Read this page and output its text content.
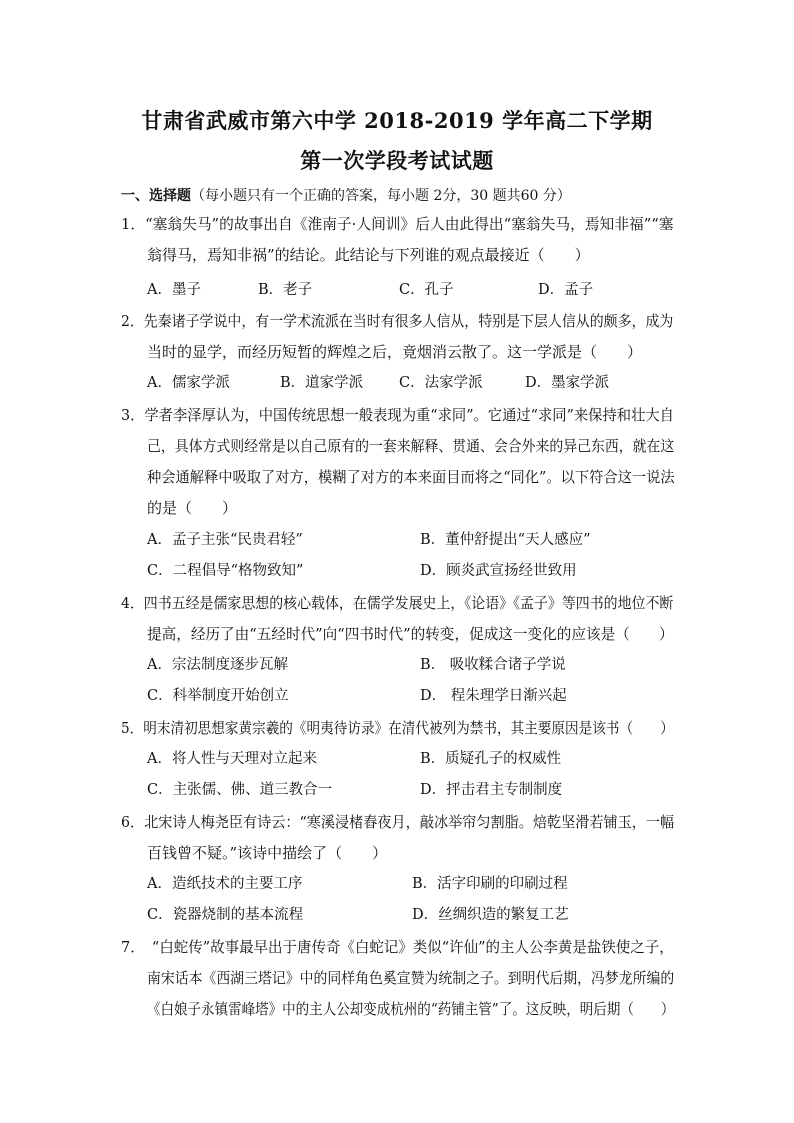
甘肃省武威市第六中学 2018-2019 学年高二下学期
第一次学段考试试题
一、选择题（每小题只有一个正确的答案，每小题 2分，30 题共60 分）
1．“塞翁失马”的故事出自《淮南子·人间训》后人由此得出“塞翁失马，焉知非福”“塞
翁得马，焉知非祸”的结论。此结论与下列谁的观点最接近（　　）
A．墨子	B．老子	C．孔子	D．孟子
2．先秦诸子学说中，有一学术流派在当时有很多人信从，特别是下层人信从的颇多，成为
当时的显学，而经历短暂的辉煌之后，竟烟消云散了。这一学派是（　　）
A．儒家学派	B．道家学派 C．法家学派	D．墨家学派
3．学者李泽厚认为，中国传统思想一般表现为重“求同”。它通过“求同”来保持和壮大自
己，具体方式则经常是以自己原有的一套来解释、贯通、会合外来的异己东西，就在这
种会通解释中吸取了对方，模糊了对方的本来面目而将之“同化”。以下符合这一说法
的是（　　）
A．孟子主张“民贵君轻”	B．董仲舒提出“天人感应”
C．二程倡导“格物致知”	D．顾炎武宣扬经世致用
4．四书五经是儒家思想的核心载体，在儒学发展史上，《论语》《孟子》等四书的地位不断
提高，经历了由“五经时代”向“四书时代”的转变，促成这一变化的应该是（　　）
A．宗法制度逐步瓦解	B． 吸收糅合诸子学说
C．科举制度开始创立	D． 程朱理学日渐兴起
5．明末清初思想家黄宗羲的《明夷待访录》在清代被列为禁书，其主要原因是该书（　　）
A．将人性与天理对立起来	B．质疑孔子的权威性
C．主张儒、佛、道三教合一	D．抨击君主专制制度
6．北宋诗人梅尧臣有诗云：“寒溪浸楮舂夜月，敲冰举帘匀割脂。焙乾坚滑若铺玉，一幅
百钱曾不疑。”该诗中描绘了（　　）
A．造纸技术的主要工序	B．活字印刷的印刷过程
C．瓷器烧制的基本流程	D．丝绸织造的繁复工艺
7．　“白蛇传”故事最早出于唐传奇《白蛇记》类似“许仙”的主人公李黄是盐铁使之子，
南宋话本《西湖三塔记》中的同样角色奚宣赞为统制之子。到明代后期，冯梦龙所编的
《白娘子永镇雷峰塔》中的主人公却变成杭州的“药铺主管”了。这反映，明后期（　　）
